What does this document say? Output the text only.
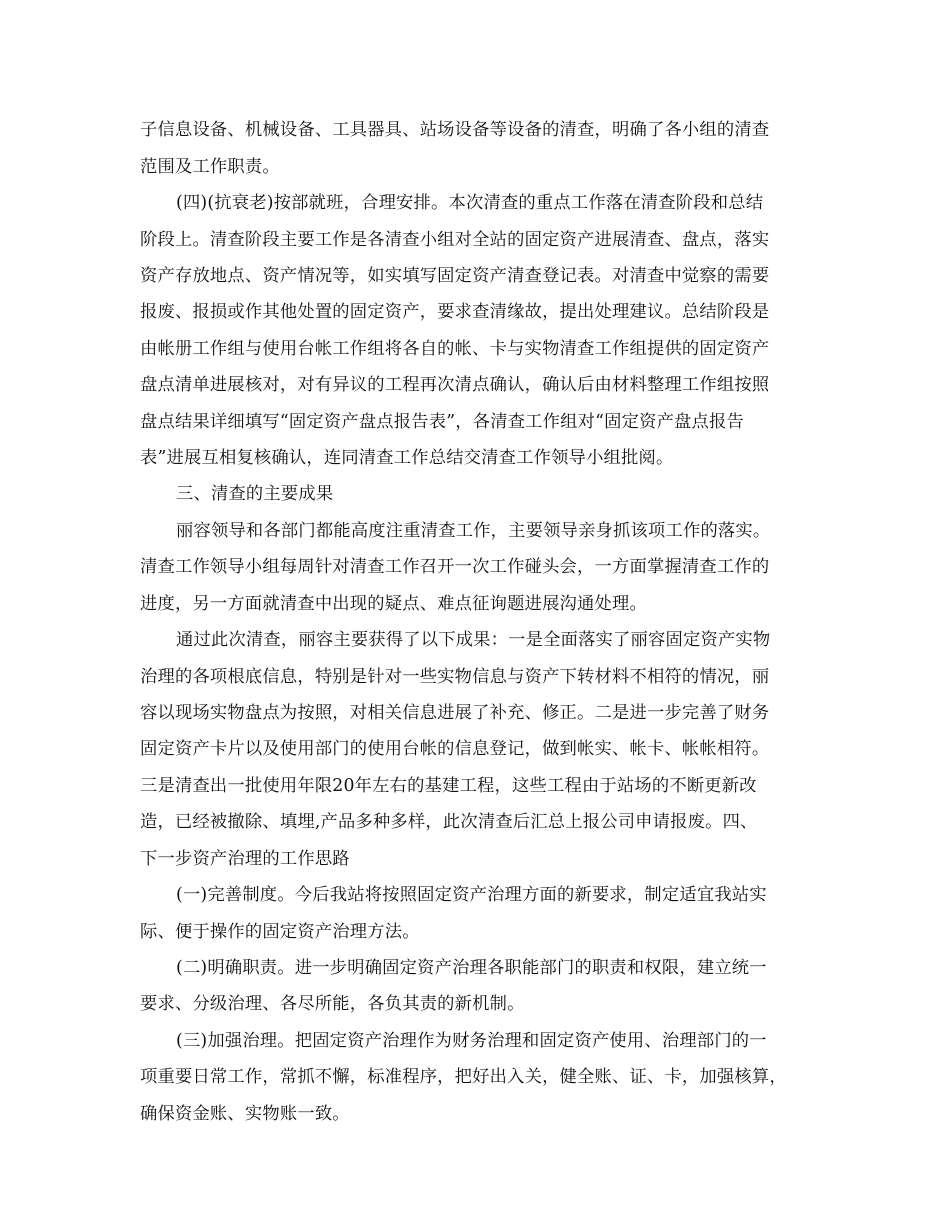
子信息设备、机械设备、工具器具、站场设备等设备的清查，明确了各小组的清查
范围及工作职责。
(四)(抗衰老)按部就班，合理安排。本次清查的重点工作落在清查阶段和总结
阶段上。清查阶段主要工作是各清查小组对全站的固定资产进展清查、盘点，落实
资产存放地点、资产情况等，如实填写固定资产清查登记表。对清查中觉察的需要
报废、报损或作其他处置的固定资产，要求查清缘故，提出处理建议。总结阶段是
由帐册工作组与使用台帐工作组将各自的帐、卡与实物清查工作组提供的固定资产
盘点清单进展核对，对有异议的工程再次清点确认，确认后由材料整理工作组按照
盘点结果详细填写“固定资产盘点报告表”，各清查工作组对“固定资产盘点报告
表”进展互相复核确认，连同清查工作总结交清查工作领导小组批阅。
三、清查的主要成果
丽容领导和各部门都能高度注重清查工作，主要领导亲身抓该项工作的落实。
清查工作领导小组每周针对清查工作召开一次工作碰头会，一方面掌握清查工作的
进度，另一方面就清查中出现的疑点、难点征询题进展沟通处理。
通过此次清查，丽容主要获得了以下成果：一是全面落实了丽容固定资产实物
治理的各项根底信息，特别是针对一些实物信息与资产下转材料不相符的情况，丽
容以现场实物盘点为按照，对相关信息进展了补充、修正。二是进一步完善了财务
固定资产卡片以及使用部门的使用台帐的信息登记，做到帐实、帐卡、帐帐相符。
三是清查出一批使用年限20年左右的基建工程，这些工程由于站场的不断更新改
造，已经被撤除、填埋,产品多种多样，此次清查后汇总上报公司申请报废。四、
下一步资产治理的工作思路
(一)完善制度。今后我站将按照固定资产治理方面的新要求，制定适宜我站实
际、便于操作的固定资产治理方法。
(二)明确职责。进一步明确固定资产治理各职能部门的职责和权限，建立统一
要求、分级治理、各尽所能，各负其责的新机制。
(三)加强治理。把固定资产治理作为财务治理和固定资产使用、治理部门的一
项重要日常工作，常抓不懈，标准程序，把好出入关，健全账、证、卡，加强核算，
确保资金账、实物账一致。
